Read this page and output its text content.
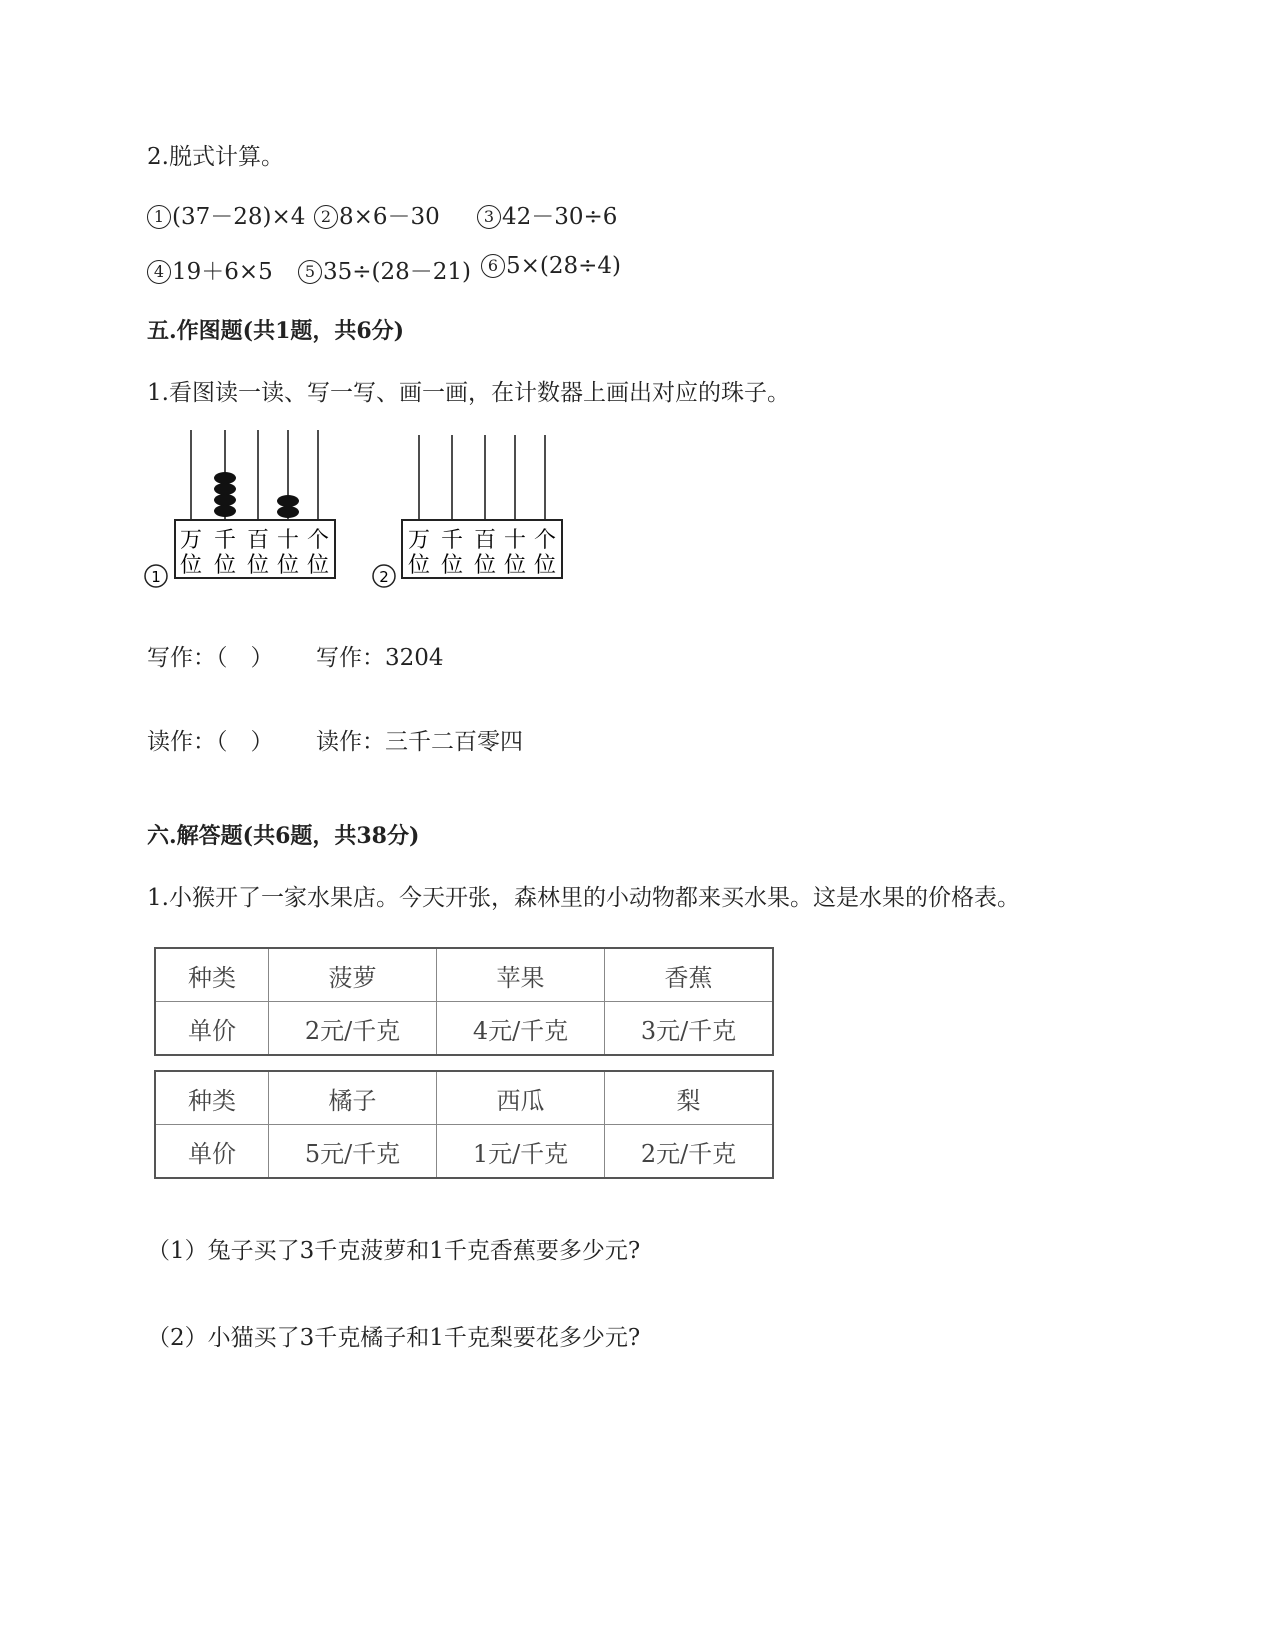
2.脱式计算。
1 (37－28)×4 2 8×6－30	3 42－30÷6
4 19＋6×5	5 35÷(28－21)	6 5×(28÷4)
五.作图题(共1题，共6分)
1.看图读一读、写一写、画一画，在计数器上画出对应的珠子。
万 千 百 十 个
位 位 位 位 位
1
万 千 百 十 个
位 位 位 位 位
2
写作：（　） 写作：3204
读作：（　） 读作：三千二百零四
六.解答题(共6题，共38分)
1.小猴开了一家水果店。今天开张，森林里的小动物都来买水果。这是水果的价格表。
种类	菠萝	苹果	香蕉
单价	2元/千克	4元/千克	3元/千克
种类	橘子	西瓜	梨
单价	5元/千克	1元/千克	2元/千克
（1）兔子买了3千克菠萝和1千克香蕉要多少元?
（2）小猫买了3千克橘子和1千克梨要花多少元?
